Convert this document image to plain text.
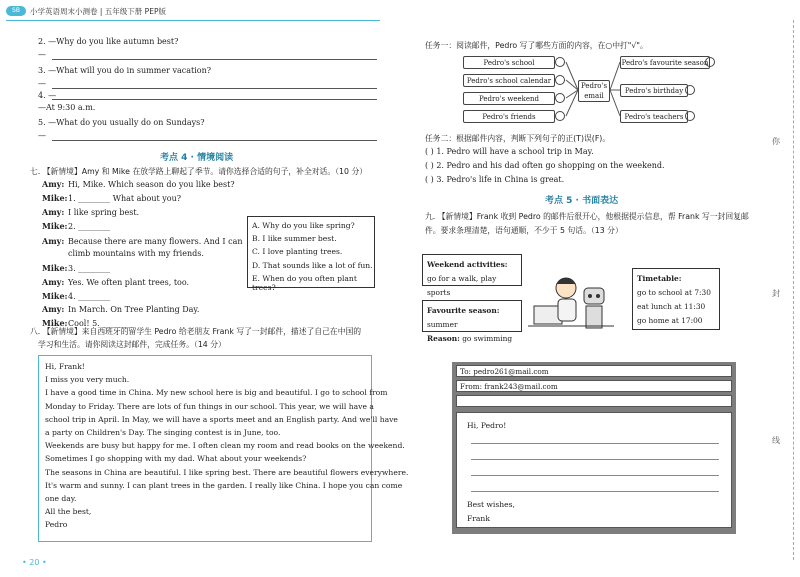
SB	小学英语周末小测卷 | 五年级下册 PEP版
2. —Why do you like autumn best?
—
3. —What will you do in summer vacation?
—
4. —
—At 9:30 a.m.
5. —What do you usually do on Sundays?
—
考点 4 · 情境阅读
七. 【新情境】Amy 和 Mike 在放学路上聊起了季节。请你选择合适的句子，补全对话。（10 分）
Amy: Hi, Mike. Which season do you like best?
Mike:1. ________ What about you?
Amy: I like spring best.
Mike:2. ________
Amy: Because there are many flowers. And I can
climb mountains with my friends.
Mike:3. ________
Amy: Yes. We often plant trees, too.
Mike:4. ________
Amy: In March. On Tree Planting Day.
Mike:Cool! 5. ________
A. Why do you like spring?
B. I like summer best.
C. I love planting trees.
D. That sounds like a lot of fun.
E. When do you often plant trees?
八. 【新情境】来自西班牙的留学生 Pedro 给老朋友 Frank 写了一封邮件，描述了自己在中国的
学习和生活。请你阅读这封邮件，完成任务。（14 分）
Hi, Frank!
I miss you very much.
I have a good time in China. My new school here is big and beautiful. I go to school from
Monday to Friday. There are lots of fun things in our school. This year, we will have a
school trip in April. In May, we will have a sports meet and an English party. And we'll have
a party on Children's Day. The singing contest is in June, too.
Weekends are busy but happy for me. I often clean my room and read books on the weekend.
Sometimes I go shopping with my dad. What about your weekends?
The seasons in China are beautiful. I like spring best. There are beautiful flowers everywhere.
It's warm and sunny. I can plant trees in the garden. I really like China. I hope you can come
one day.
All the best,
Pedro
任务一：阅读邮件，Pedro 写了哪些方面的内容，在○中打"√"。
Pedro's school
Pedro's school calendar
Pedro's weekend
Pedro's friends
Pedro's email
Pedro's favourite season
Pedro's birthday
Pedro's teachers
任务二：根据邮件内容，判断下列句子的正(T)误(F)。
( ) 1. Pedro will have a school trip in May.
( ) 2. Pedro and his dad often go shopping on the weekend.
( ) 3. Pedro's life in China is great.
考点 5 · 书面表达
九. 【新情境】Frank 收到 Pedro 的邮件后很开心，他根据提示信息，帮 Frank 写一封回复邮
件。要求条理清楚，语句通顺，不少于 5 句话。（13 分）
Weekend activities:
go for a walk, play sports
Favourite season: summer
Reason: go swimming
Timetable:
go to school at 7:30
eat lunch at 11:30
go home at 17:00
To: pedro261@mail.com
From: frank243@mail.com
Hi, Pedro!
Best wishes,
Frank
你
封
线
• 20 •
